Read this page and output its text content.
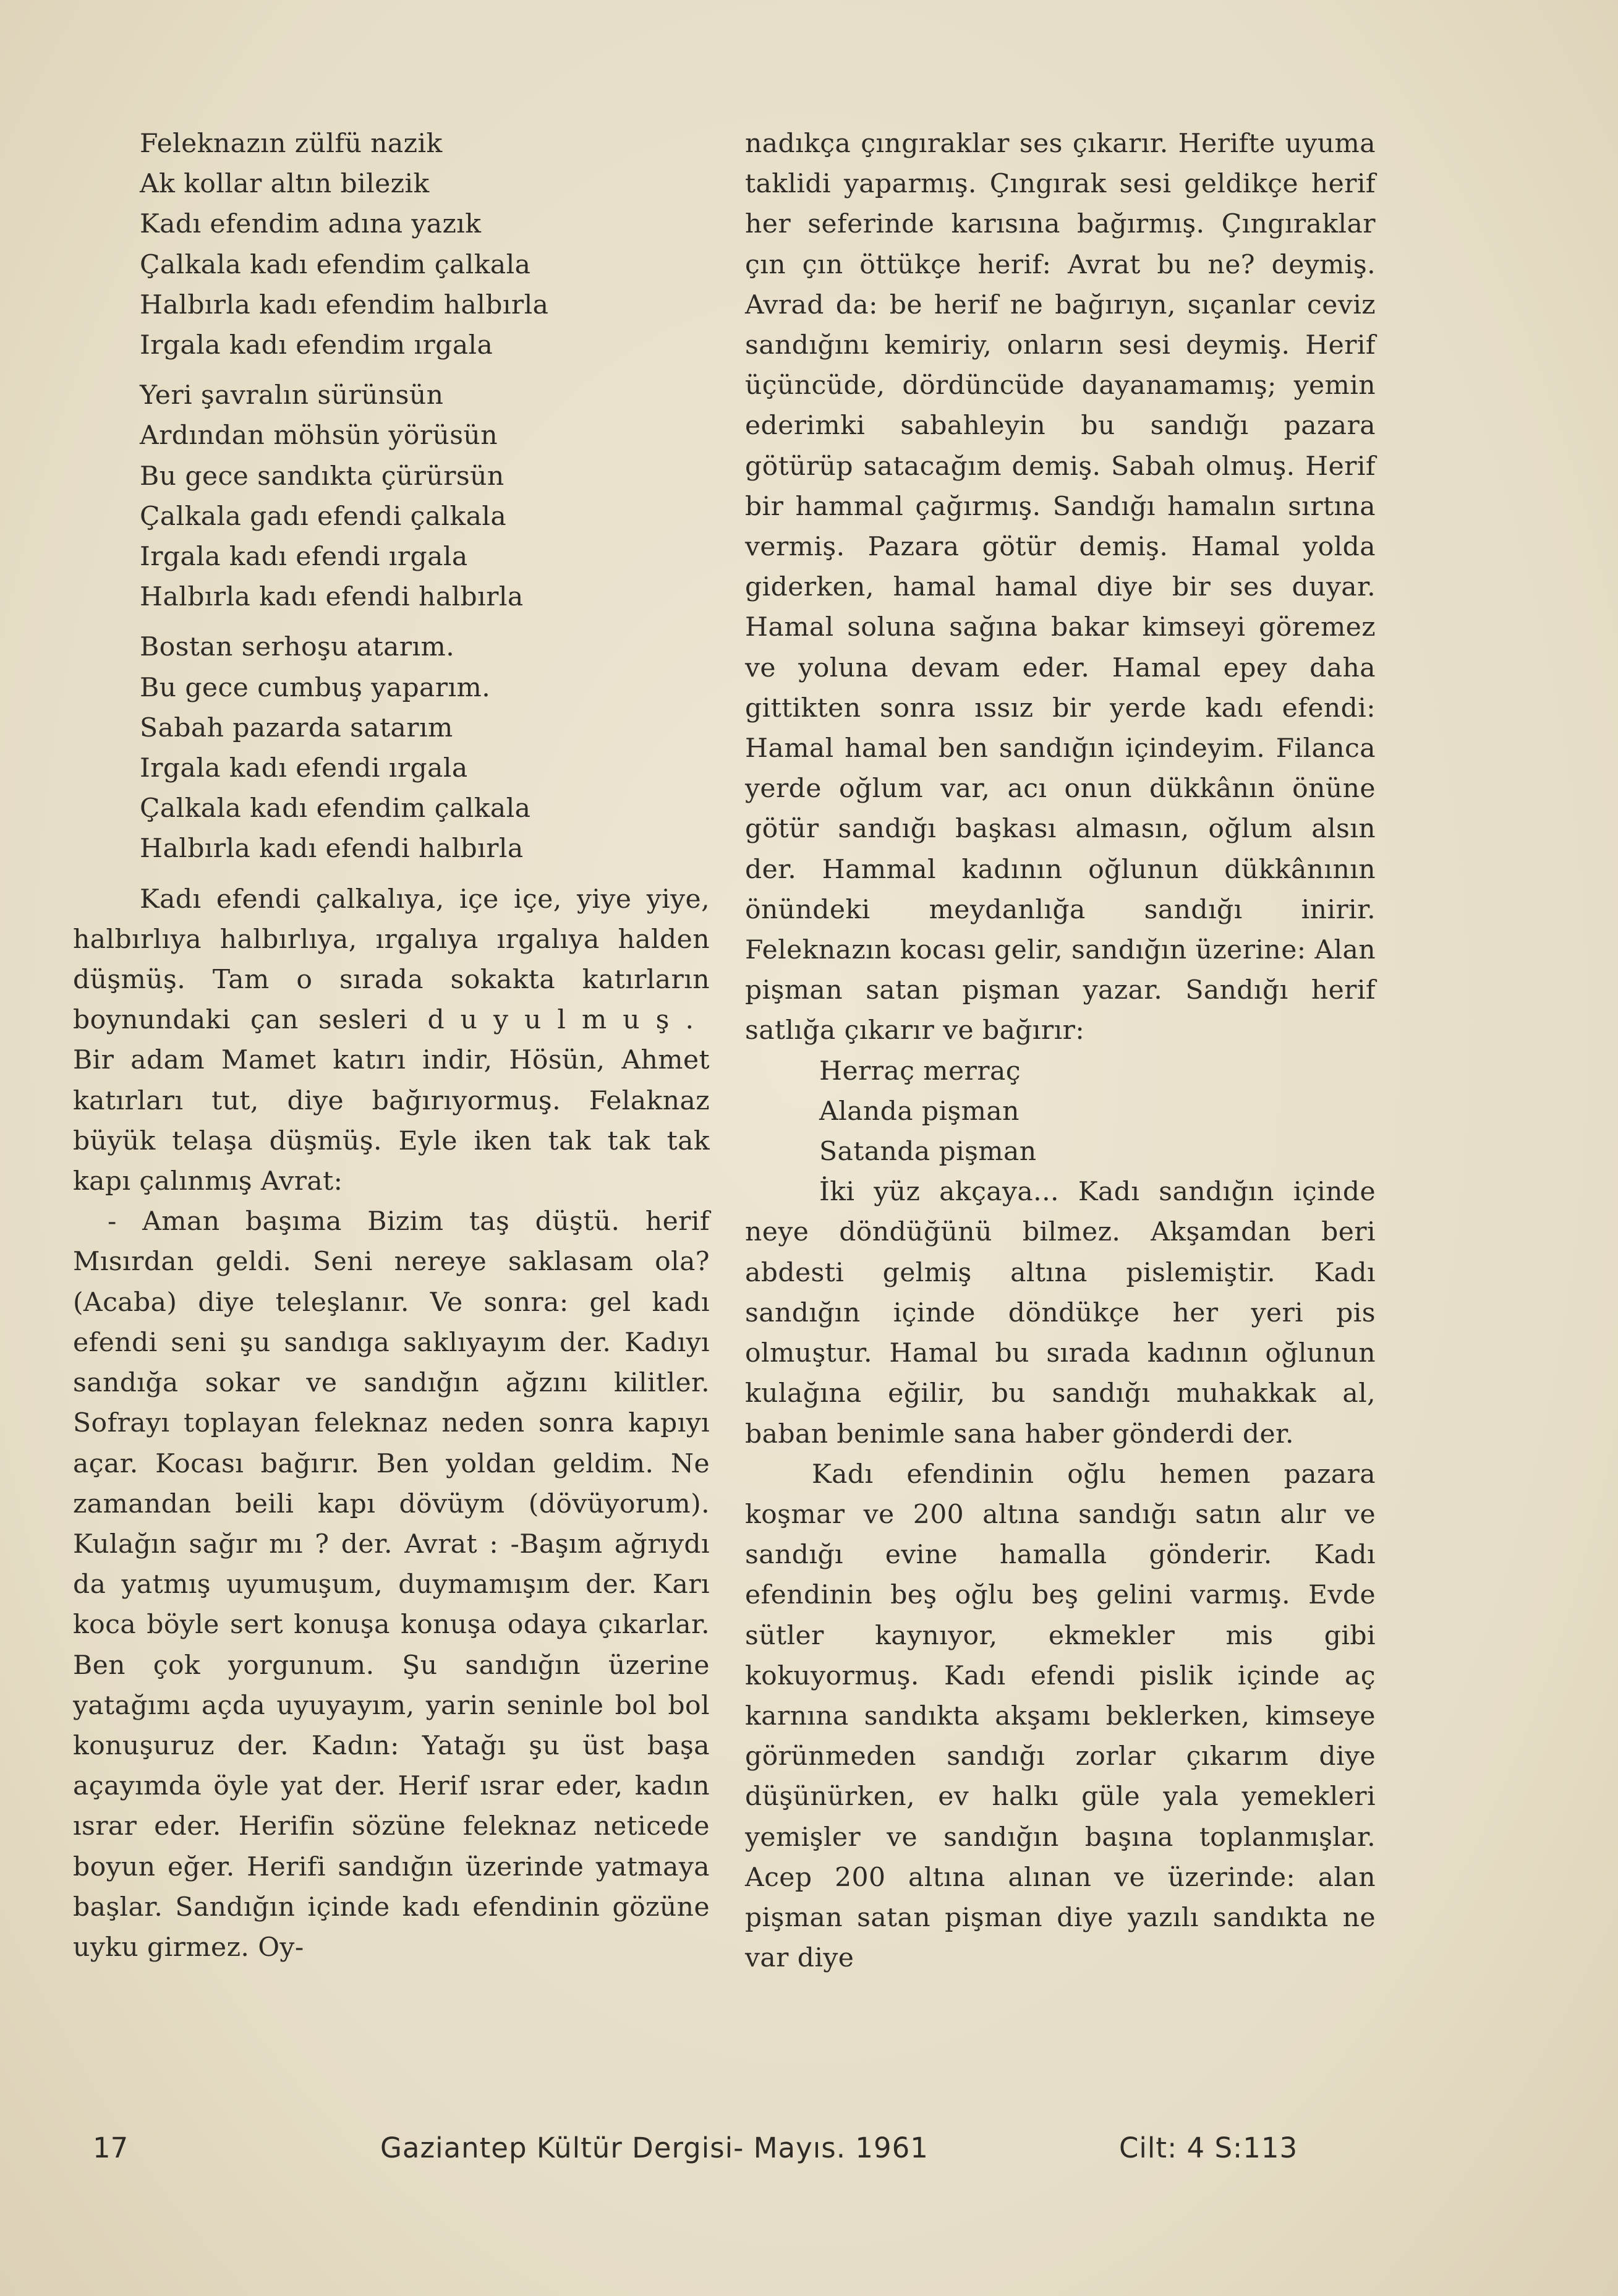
Feleknazın zülfü nazik

Ak kollar altın bilezik

Kadı efendim adına yazık

Çalkala kadı efendim çalkala

Halbırla kadı efendim halbırla

Irgala kadı efendim ırgala

Yeri şavralın sürünsün

Ardından möhsün yörüsün

Bu gece sandıkta çürürsün

Çalkala gadı efendi çalkala

Irgala kadı efendi ırgala

Halbırla kadı efendi halbırla

Bostan serhoşu atarım.

Bu gece cumbuş yaparım.

Sabah pazarda satarım

Irgala kadı efendi ırgala

Çalkala kadı efendim çalkala

Halbırla kadı efendi halbırla

Kadı efendi çalkalıya, içe içe, yiye yiye, halbırlıya halbırlıya, ırgalıya ırgalıya halden düşmüş. Tam o sırada sokakta katırların boynundaki çan sesleri duyulmuş. Bir adam Mamet katırı indir, Hösün, Ahmet katırları tut, diye bağırıyormuş. Felaknaz büyük telaşa düşmüş. Eyle iken tak tak tak kapı çalınmış Avrat:

- Aman başıma Bizim taş düştü. herif Mısırdan geldi. Seni nereye saklasam ola? (Acaba) diye teleşlanır. Ve sonra: gel kadı efendi seni şu sandıga saklıyayım der. Kadıyı sandığa sokar ve sandığın ağzını kilitler. Sofrayı toplayan feleknaz neden sonra kapıyı açar. Kocası bağırır. Ben yoldan geldim. Ne zamandan beili kapı dövüym (dövüyorum). Kulağın sağır mı ? der. Avrat : -Başım ağrıydı da yatmış uyumuşum, duymamışım der. Karı koca böyle sert konuşa konuşa odaya çıkarlar. Ben çok yorgunum. Şu sandığın üzerine yatağımı açda uyuyayım, yarin seninle bol bol konuşuruz der. Kadın: Yatağı şu üst başa açayımda öyle yat der. Herif ısrar eder, kadın ısrar eder. Herifin sözüne feleknaz neticede boyun eğer. Herifi sandığın üzerinde yatmaya başlar. Sandığın içinde kadı efendinin gözüne uyku girmez. Oy-

nadıkça çıngıraklar ses çıkarır. Herifte uyuma taklidi yaparmış. Çıngırak sesi geldikçe herif her seferinde karısına bağırmış. Çıngıraklar çın çın öttükçe herif: Avrat bu ne? deymiş. Avrad da: be herif ne bağırıyn, sıçanlar ceviz sandığını kemiriy, onların sesi deymiş. Herif üçüncüde, dördüncüde dayanamamış; yemin ederimki sabahleyin bu sandığı pazara götürüp satacağım demiş. Sabah olmuş. Herif bir hammal çağırmış. Sandığı hamalın sırtına vermiş. Pazara götür demiş. Hamal yolda giderken, hamal hamal diye bir ses duyar. Hamal soluna sağına bakar kimseyi göremez ve yoluna devam eder. Hamal epey daha gittikten sonra ıssız bir yerde kadı efendi: Hamal hamal ben sandığın içindeyim. Filanca yerde oğlum var, acı onun dükkânın önüne götür sandığı başkası almasın, oğlum alsın der. Hammal kadının oğlunun dükkânının önündeki meydanlığa sandığı inirir. Feleknazın kocası gelir, sandığın üzerine: Alan pişman satan pişman yazar. Sandığı herif satlığa çıkarır ve bağırır:

Herraç merraç

Alanda pişman

Satanda pişman

İki yüz akçaya... Kadı sandığın içinde neye döndüğünü bilmez. Akşamdan beri abdesti gelmiş altına pislemiştir. Kadı sandığın içinde döndükçe her yeri pis olmuştur. Hamal bu sırada kadının oğlunun kulağına eğilir, bu sandığı muhakkak al, baban benimle sana haber gönderdi der.

Kadı efendinin oğlu hemen pazara koşmar ve 200 altına sandığı satın alır ve sandığı evine hamalla gönderir. Kadı efendinin beş oğlu beş gelini varmış. Evde sütler kaynıyor, ekmekler mis gibi kokuyormuş. Kadı efendi pislik içinde aç karnına sandıkta akşamı beklerken, kimseye görünmeden sandığı zorlar çıkarım diye düşünürken, ev halkı güle yala yemekleri yemişler ve sandığın başına toplanmışlar. Acep 200 altına alınan ve üzerinde: alan pişman satan pişman diye yazılı sandıkta ne var diye

17	Gaziantep Kültür Dergisi- Mayıs. 1961	Cilt: 4 S:113
